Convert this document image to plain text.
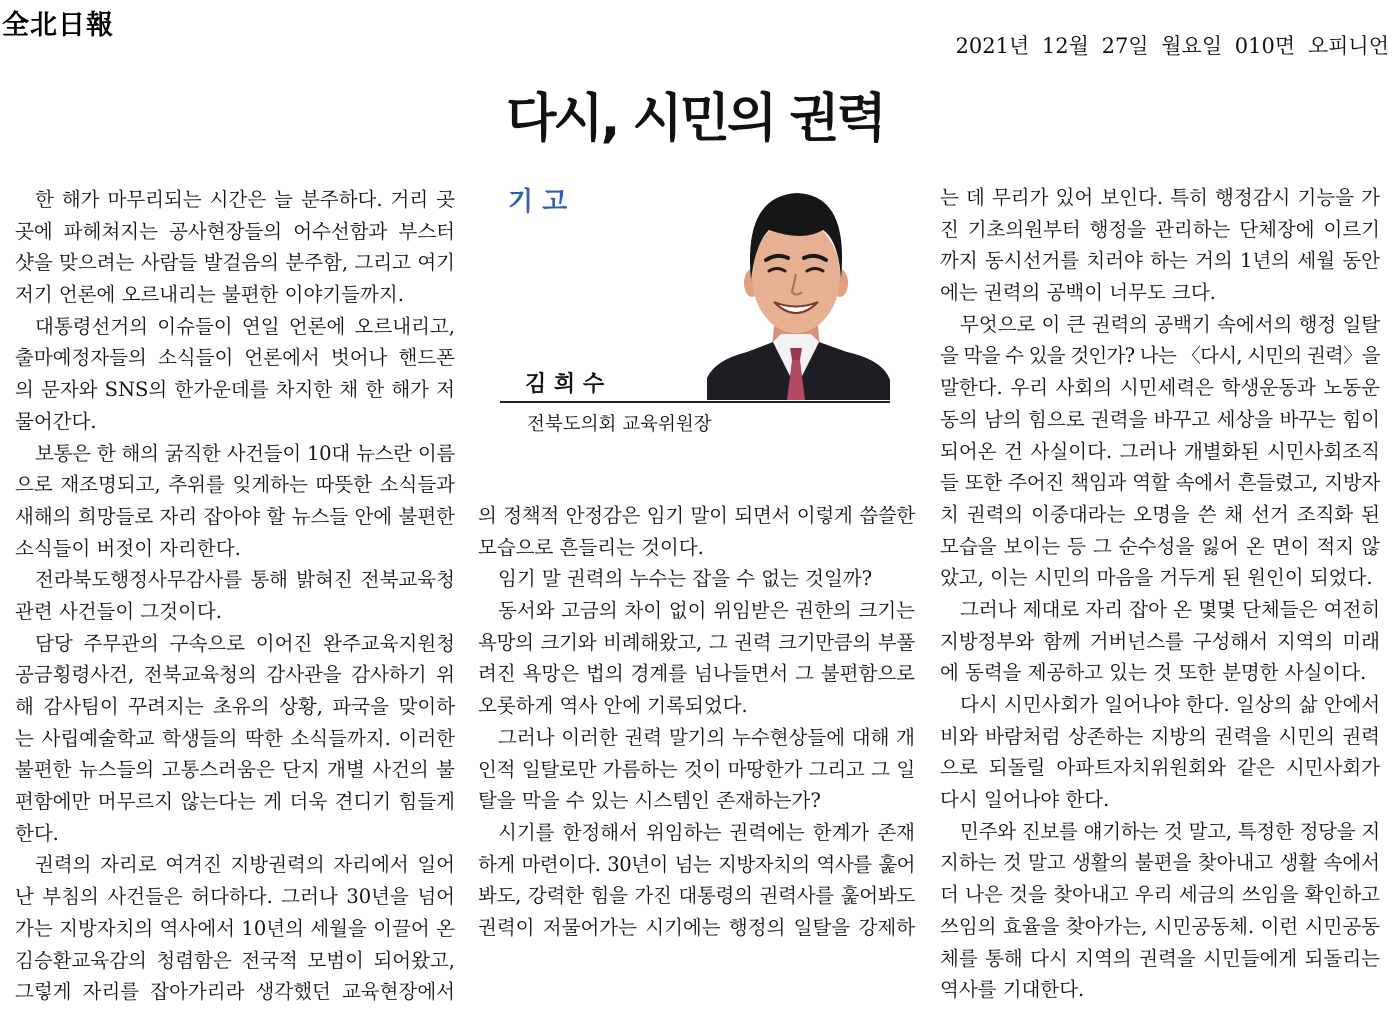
全北日報
2021년 12월 27일 월요일 010면 오피니언
다시, 시민의 권력
기 고
김 희 수
전북도의회 교육위원장
한 해가 마무리되는 시간은 늘 분주하다. 거리 곳
곳에 파헤쳐지는 공사현장들의 어수선함과 부스터
샷을 맞으려는 사람들 발걸음의 분주함, 그리고 여기
저기 언론에 오르내리는 불편한 이야기들까지.
대통령선거의 이슈들이 연일 언론에 오르내리고,
출마예정자들의 소식들이 언론에서 벗어나 핸드폰
의 문자와 SNS의 한가운데를 차지한 채 한 해가 저
물어간다.
보통은 한 해의 굵직한 사건들이 10대 뉴스란 이름
으로 재조명되고, 추위를 잊게하는 따뜻한 소식들과
새해의 희망들로 자리 잡아야 할 뉴스들 안에 불편한
소식들이 버젓이 자리한다.
전라북도행정사무감사를 통해 밝혀진 전북교육청
관련 사건들이 그것이다.
담당 주무관의 구속으로 이어진 완주교육지원청
공금횡령사건, 전북교육청의 감사관을 감사하기 위
해 감사팀이 꾸려지는 초유의 상황, 파국을 맞이하
는 사립예술학교 학생들의 딱한 소식들까지. 이러한
불편한 뉴스들의 고통스러움은 단지 개별 사건의 불
편함에만 머무르지 않는다는 게 더욱 견디기 힘들게
한다.
권력의 자리로 여겨진 지방권력의 자리에서 일어
난 부침의 사건들은 허다하다. 그러나 30년을 넘어
가는 지방자치의 역사에서 10년의 세월을 이끌어 온
김승환교육감의 청렴함은 전국적 모범이 되어왔고,
그렇게 자리를 잡아가리라 생각했던 교육현장에서
의 정책적 안정감은 임기 말이 되면서 이렇게 씁쓸한
모습으로 흔들리는 것이다.
임기 말 권력의 누수는 잡을 수 없는 것일까?
동서와 고금의 차이 없이 위임받은 권한의 크기는
욕망의 크기와 비례해왔고, 그 권력 크기만큼의 부풀
려진 욕망은 법의 경계를 넘나들면서 그 불편함으로
오롯하게 역사 안에 기록되었다.
그러나 이러한 권력 말기의 누수현상들에 대해 개
인적 일탈로만 가름하는 것이 마땅한가 그리고 그 일
탈을 막을 수 있는 시스템인 존재하는가?
시기를 한정해서 위임하는 권력에는 한계가 존재
하게 마련이다. 30년이 넘는 지방자치의 역사를 훑어
봐도, 강력한 힘을 가진 대통령의 권력사를 훑어봐도
권력이 저물어가는 시기에는 행정의 일탈을 강제하
는 데 무리가 있어 보인다. 특히 행정감시 기능을 가
진 기초의원부터 행정을 관리하는 단체장에 이르기
까지 동시선거를 치러야 하는 거의 1년의 세월 동안
에는 권력의 공백이 너무도 크다.
무엇으로 이 큰 권력의 공백기 속에서의 행정 일탈
을 막을 수 있을 것인가? 나는 〈다시, 시민의 권력〉을
말한다. 우리 사회의 시민세력은 학생운동과 노동운
동의 남의 힘으로 권력을 바꾸고 세상을 바꾸는 힘이
되어온 건 사실이다. 그러나 개별화된 시민사회조직
들 또한 주어진 책임과 역할 속에서 흔들렸고, 지방자
치 권력의 이중대라는 오명을 쓴 채 선거 조직화 된
모습을 보이는 등 그 순수성을 잃어 온 면이 적지 않
았고, 이는 시민의 마음을 거두게 된 원인이 되었다.
그러나 제대로 자리 잡아 온 몇몇 단체들은 여전히
지방정부와 함께 거버넌스를 구성해서 지역의 미래
에 동력을 제공하고 있는 것 또한 분명한 사실이다.
다시 시민사회가 일어나야 한다. 일상의 삶 안에서
비와 바람처럼 상존하는 지방의 권력을 시민의 권력
으로 되돌릴 아파트자치위원회와 같은 시민사회가
다시 일어나야 한다.
민주와 진보를 얘기하는 것 말고, 특정한 정당을 지
지하는 것 말고 생활의 불편을 찾아내고 생활 속에서
더 나은 것을 찾아내고 우리 세금의 쓰임을 확인하고
쓰임의 효율을 찾아가는, 시민공동체. 이런 시민공동
체를 통해 다시 지역의 권력을 시민들에게 되돌리는
역사를 기대한다.
